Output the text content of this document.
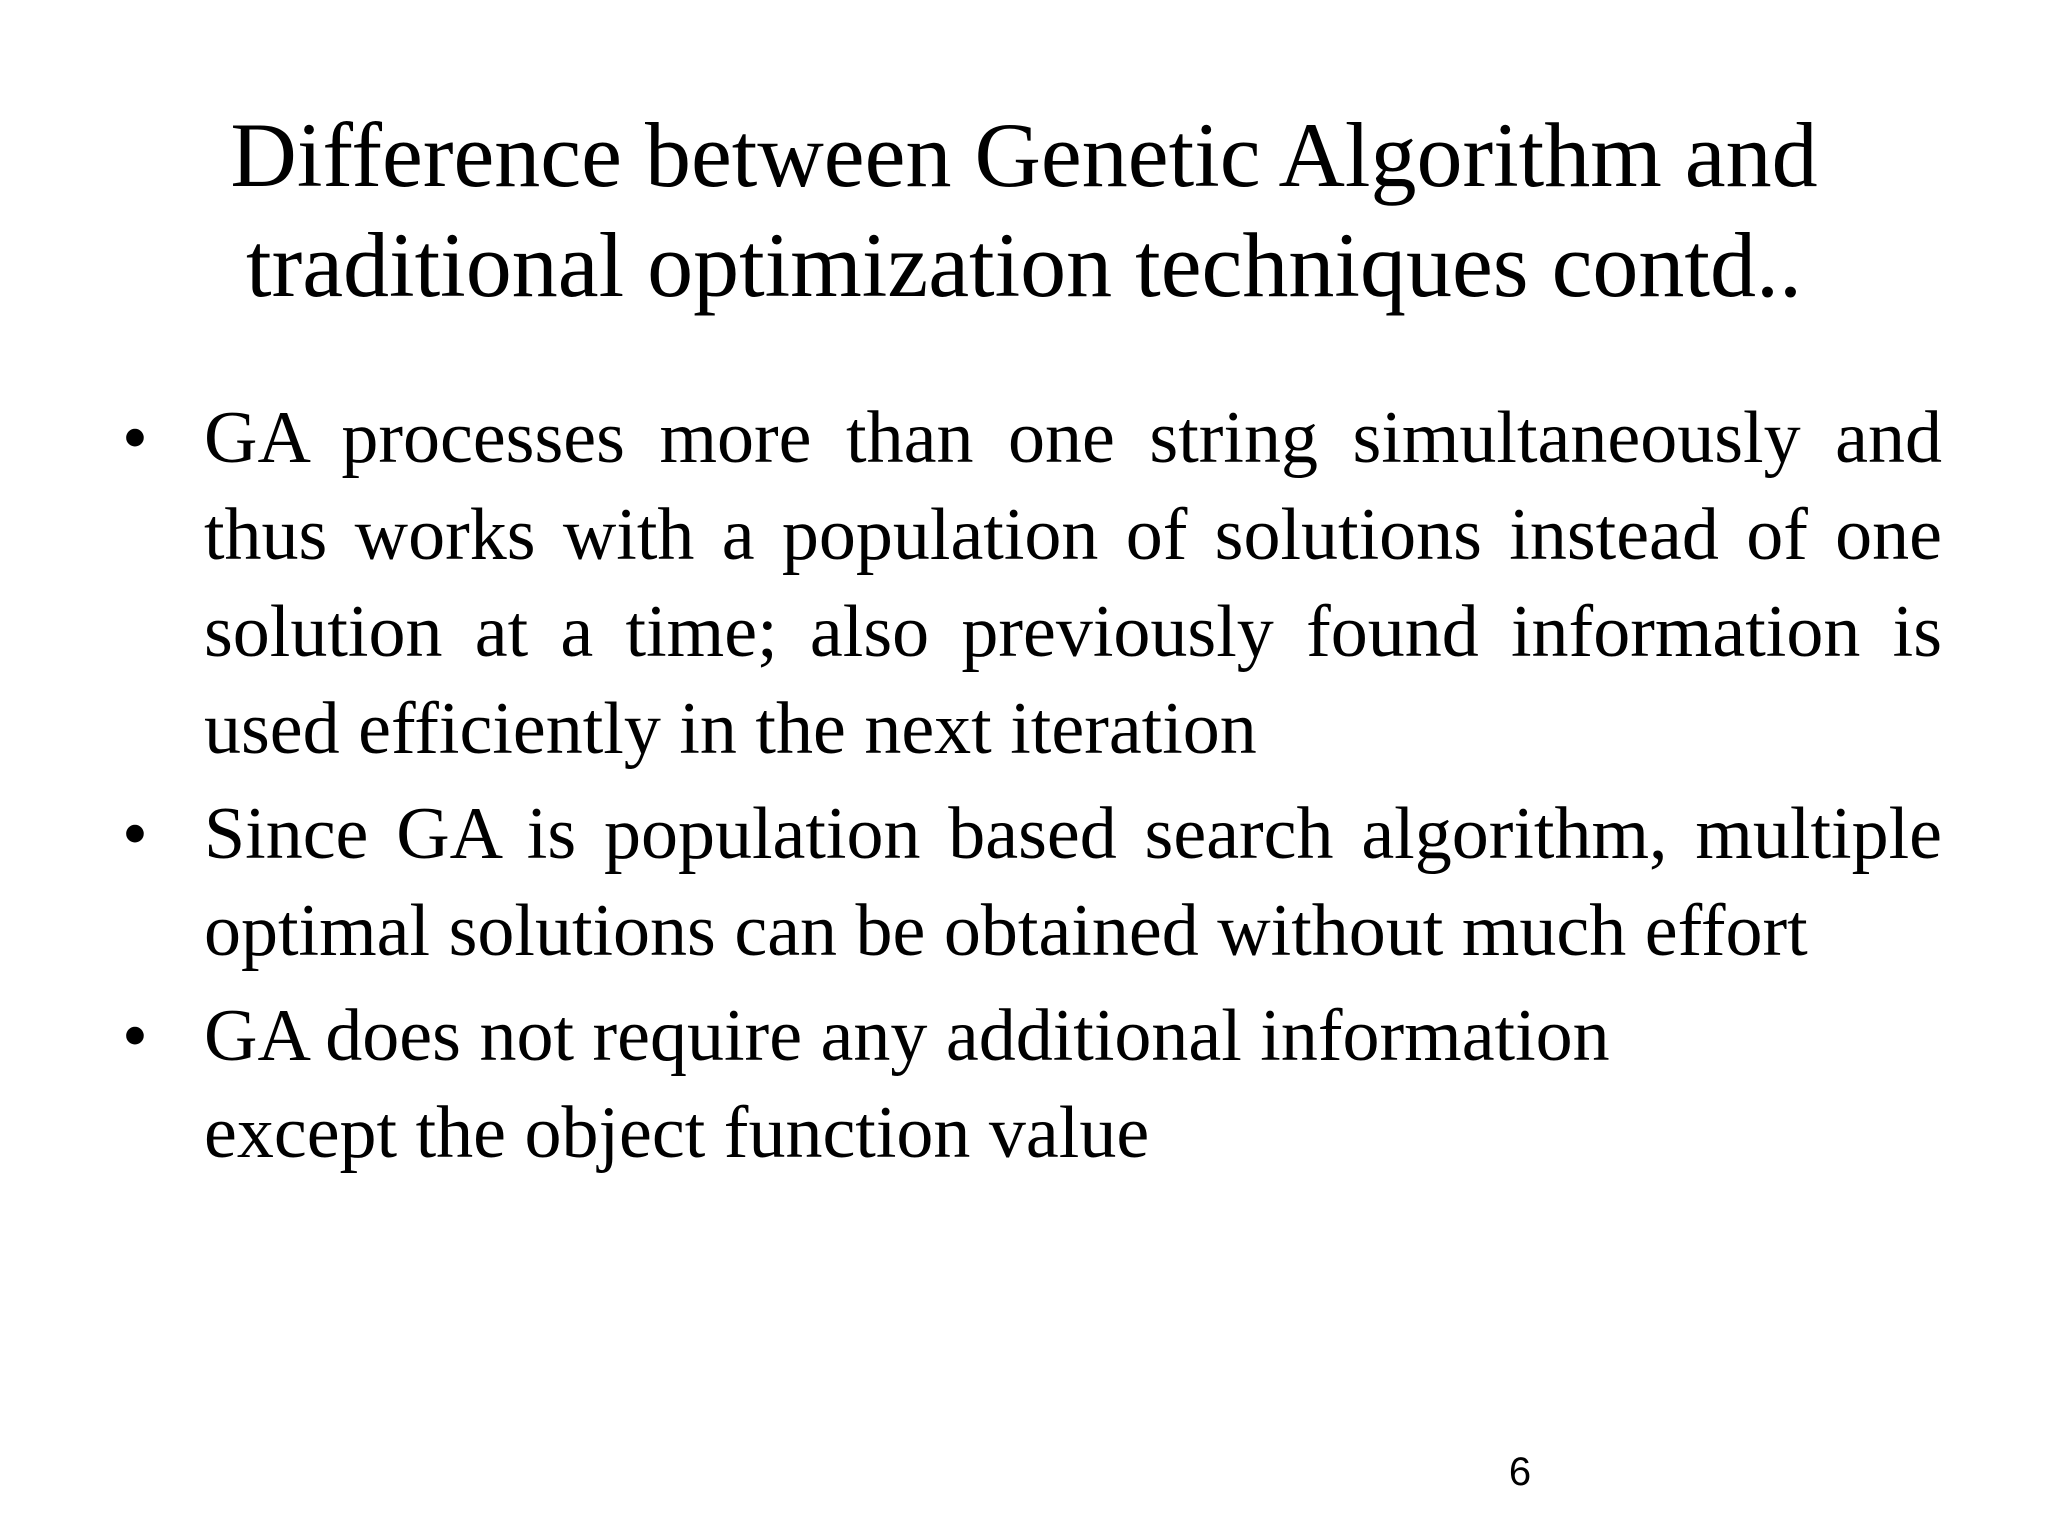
Difference between Genetic Algorithm and
traditional optimization techniques contd..
• GA processes more than one string simultaneously and thus works with a population of solutions instead of one solution at a time; also previously found information is used efficiently in the next iteration
• Since GA is population based search algorithm, multiple optimal solutions can be obtained without much effort
• GA does not require any additional information except the object function value
6
